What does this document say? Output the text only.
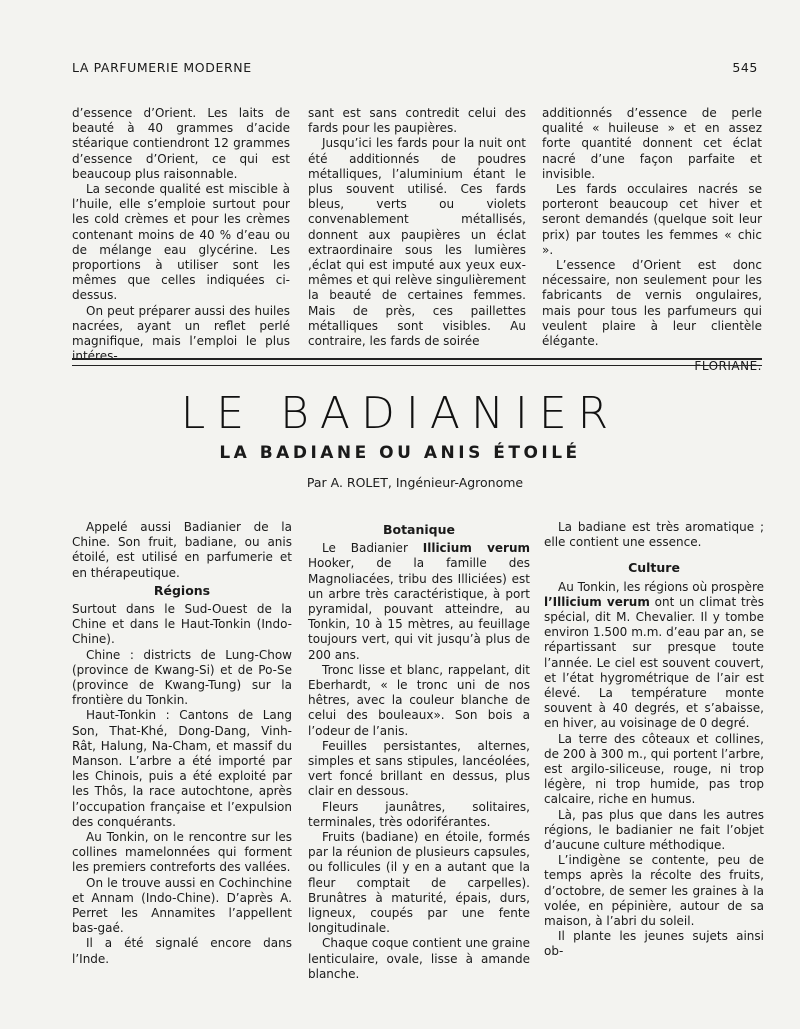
LA PARFUMERIE MODERNE	545

d’essence d’Orient. Les laits de beauté à 40 grammes d’acide stéarique contiendront 12 grammes d’essence d’Orient, ce qui est beaucoup plus raisonnable.

La seconde qualité est miscible à l’huile, elle s’emploie surtout pour les cold crèmes et pour les crèmes contenant moins de 40 % d’eau ou de mélange eau glycérine. Les proportions à utiliser sont les mêmes que celles indiquées ci-dessus.

On peut préparer aussi des huiles nacrées, ayant un reflet perlé magnifique, mais l’emploi le plus intéres-

sant est sans contredit celui des fards pour les paupières.

Jusqu’ici les fards pour la nuit ont été additionnés de poudres métalliques, l’aluminium étant le plus souvent utilisé. Ces fards bleus, verts ou violets convenablement métallisés, donnent aux paupières un éclat extraordinaire sous les lumières ,éclat qui est imputé aux yeux eux-mêmes et qui relève singulièrement la beauté de certaines femmes. Mais de près, ces paillettes métalliques sont visibles. Au contraire, les fards de soirée

additionnés d’essence de perle qualité « huileuse » et en assez forte quantité donnent cet éclat nacré d’une façon parfaite et invisible.

Les fards occulaires nacrés se porteront beaucoup cet hiver et seront demandés (quelque soit leur prix) par toutes les femmes « chic ».

L’essence d’Orient est donc nécessaire, non seulement pour les fabricants de vernis ongulaires, mais pour tous les parfumeurs qui veulent plaire à leur clientèle élégante.

FLORIANE.
LE BADIANIER
LA BADIANE OU ANIS ÉTOILÉ
Par A. ROLET, Ingénieur-Agronome

Appelé aussi Badianier de la Chine. Son fruit, badiane, ou anis étoilé, est utilisé en parfumerie et en thérapeutique.

Régions

Surtout dans le Sud-Ouest de la Chine et dans le Haut-Tonkin (Indo-Chine).

Chine : districts de Lung-Chow (province de Kwang-Si) et de Po-Se (province de Kwang-Tung) sur la frontière du Tonkin.

Haut-Tonkin : Cantons de Lang Son, That-Khé, Dong-Dang, Vinh-Rât, Halung, Na-Cham, et massif du Manson. L’arbre a été importé par les Chinois, puis a été exploité par les Thôs, la race autochtone, après l’occupation française et l’expulsion des conquérants.

Au Tonkin, on le rencontre sur les collines mamelonnées qui forment les premiers contreforts des vallées.

On le trouve aussi en Cochinchine et Annam (Indo-Chine). D’après A. Perret les Annamites l’appellent bas-gaé.

Il a été signalé encore dans l’Inde.

Botanique

Le Badianier Illicium verum Hooker, de la famille des Magnoliacées, tribu des Illiciées) est un arbre très caractéristique, à port pyramidal, pouvant atteindre, au Tonkin, 10 à 15 mètres, au feuillage toujours vert, qui vit jusqu’à plus de 200 ans.

Tronc lisse et blanc, rappelant, dit Eberhardt, « le tronc uni de nos hêtres, avec la couleur blanche de celui des bouleaux». Son bois a l’odeur de l’anis.

Feuilles persistantes, alternes, simples et sans stipules, lancéolées, vert foncé brillant en dessus, plus clair en dessous.

Fleurs jaunâtres, solitaires, terminales, très odoriférantes.

Fruits (badiane) en étoile, formés par la réunion de plusieurs capsules, ou follicules (il y en a autant que la fleur comptait de carpelles). Brunâtres à maturité, épais, durs, ligneux, coupés par une fente longitudinale.

Chaque coque contient une graine lenticulaire, ovale, lisse à amande blanche.

La badiane est très aromatique ; elle contient une essence.

Culture

Au Tonkin, les régions où prospère l’Illicium verum ont un climat très spécial, dit M. Chevalier. Il y tombe environ 1.500 m.m. d’eau par an, se répartissant sur presque toute l’année. Le ciel est souvent couvert, et l’état hygrométrique de l’air est élevé. La température monte souvent à 40 degrés, et s’abaisse, en hiver, au voisinage de 0 degré.

La terre des côteaux et collines, de 200 à 300 m., qui portent l’arbre, est argilo-siliceuse, rouge, ni trop légère, ni trop humide, pas trop calcaire, riche en humus.

Là, pas plus que dans les autres régions, le badianier ne fait l’objet d’aucune culture méthodique.

L’indigène se contente, peu de temps après la récolte des fruits, d’octobre, de semer les graines à la volée, en pépinière, autour de sa maison, à l’abri du soleil.

Il plante les jeunes sujets ainsi ob-
